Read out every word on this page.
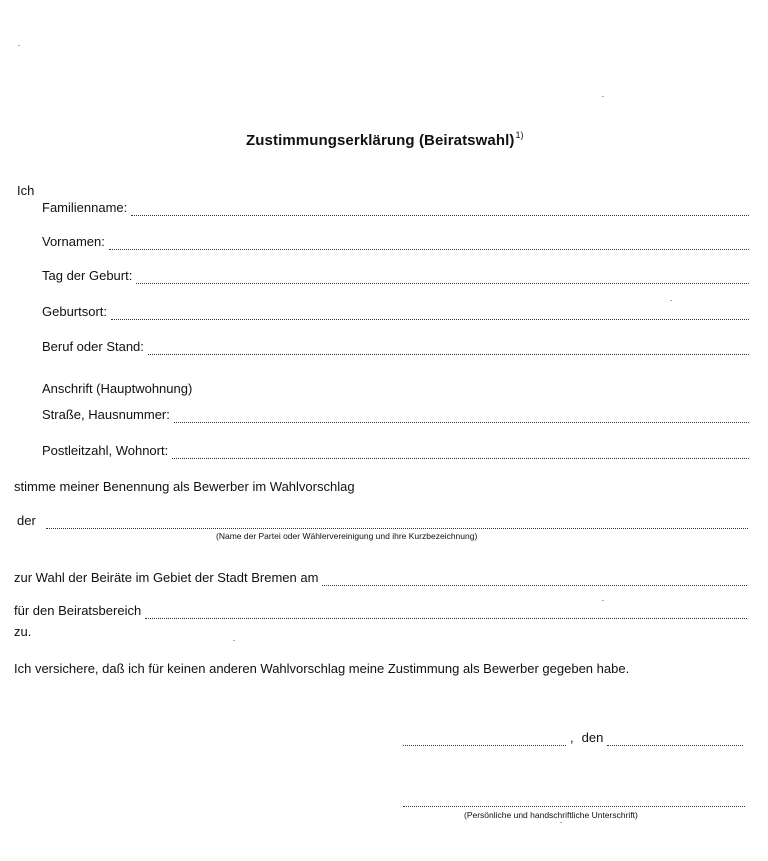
Zustimmungserklärung (Beiratswahl)$^{1)}$
Ich
Familienname:
Vornamen:
Tag der Geburt:
Geburtsort:
Beruf oder Stand:
Anschrift (Hauptwohnung)
Straße, Hausnummer:
Postleitzahl, Wohnort:
stimme meiner Benennung als Bewerber im Wahlvorschlag
der
(Name der Partei oder Wählervereinigung und ihre Kurzbezeichnung)
zur Wahl der Beiräte im Gebiet der Stadt Bremen am
für den Beiratsbereich
zu.
Ich versichere, daß ich für keinen anderen Wahlvorschlag meine Zustimmung als Bewerber gegeben habe.
, den
(Persönliche und handschriftliche Unterschrift)
